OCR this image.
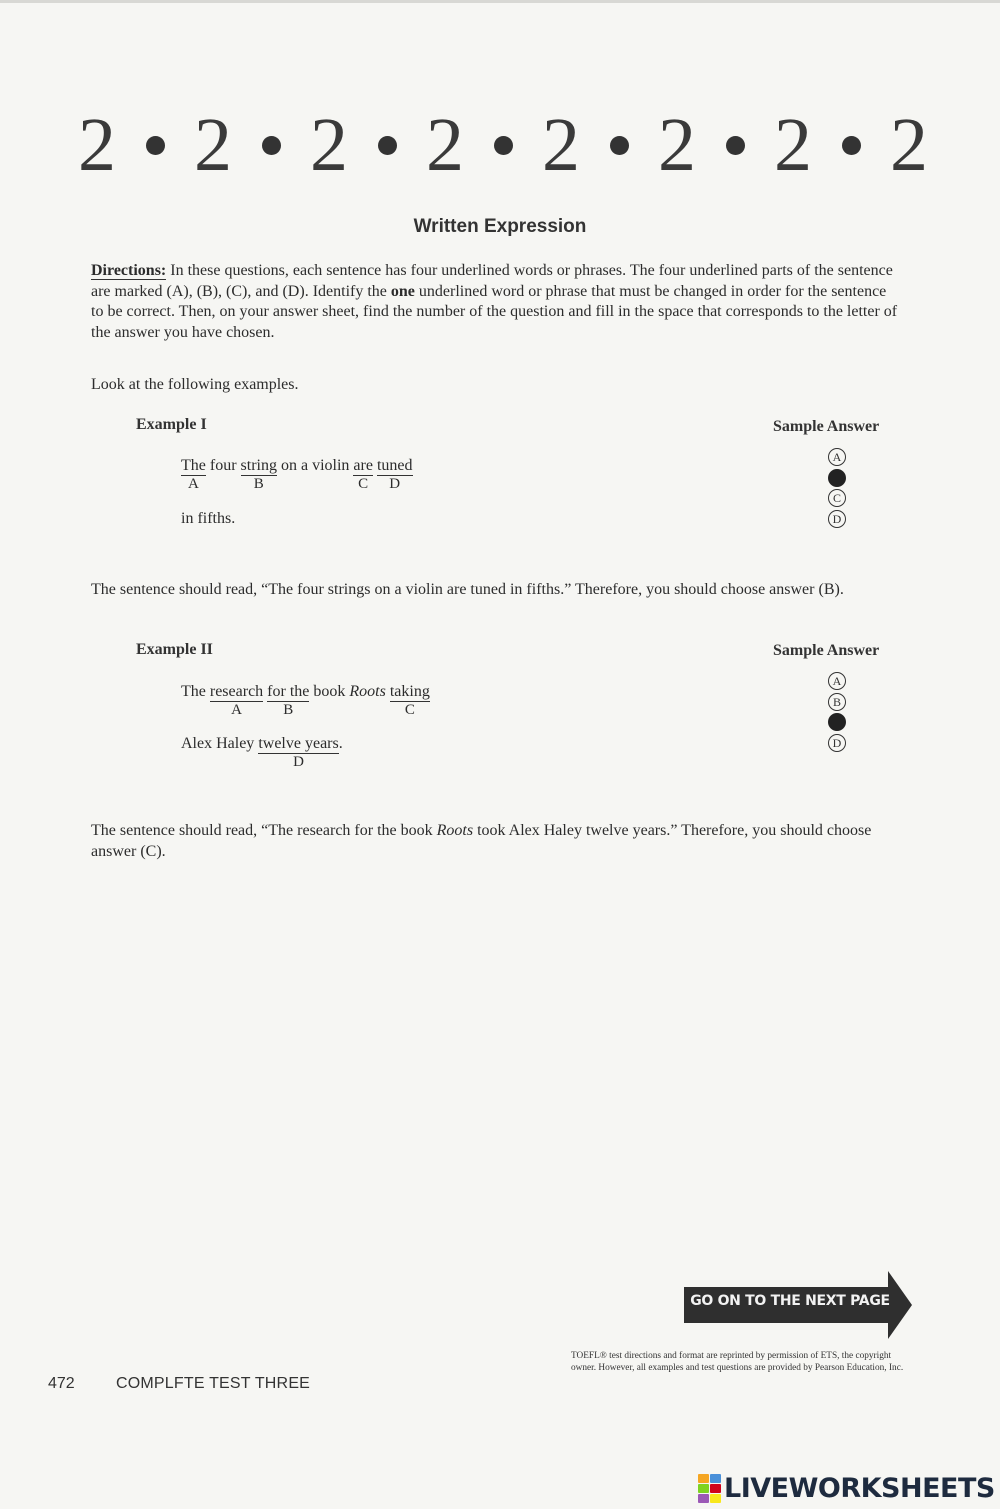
2 2 2 2 2 2 2 2
Written Expression
Directions: In these questions, each sentence has four underlined words or phrases. The four underlined parts of the sentence are marked (A), (B), (C), and (D). Identify the one underlined word or phrase that must be changed in order for the sentence to be correct. Then, on your answer sheet, find the number of the question and fill in the space that corresponds to the letter of the answer you have chosen.
Look at the following examples.
Example I	Sample Answer
The
A
four string
B
on a violin are
C
tuned
D
in fifths.
A
C
D
The sentence should read, “The four strings on a violin are tuned in fifths.” Therefore, you should choose answer (B).
Example II	Sample Answer
The research
A
for the
B
book Roots taking
C
Alex Haley twelve years
D
.
A
B
D
The sentence should read, “The research for the book Roots took Alex Haley twelve years.” Therefore, you should choose answer (C).
GO ON TO THE NEXT PAGE
TOEFL® test directions and format are reprinted by permission of ETS, the copyright owner. However, all examples and test questions are provided by Pearson Education, Inc.
472	COMPLFTE TEST THREE
LIVEWORKSHEETS
